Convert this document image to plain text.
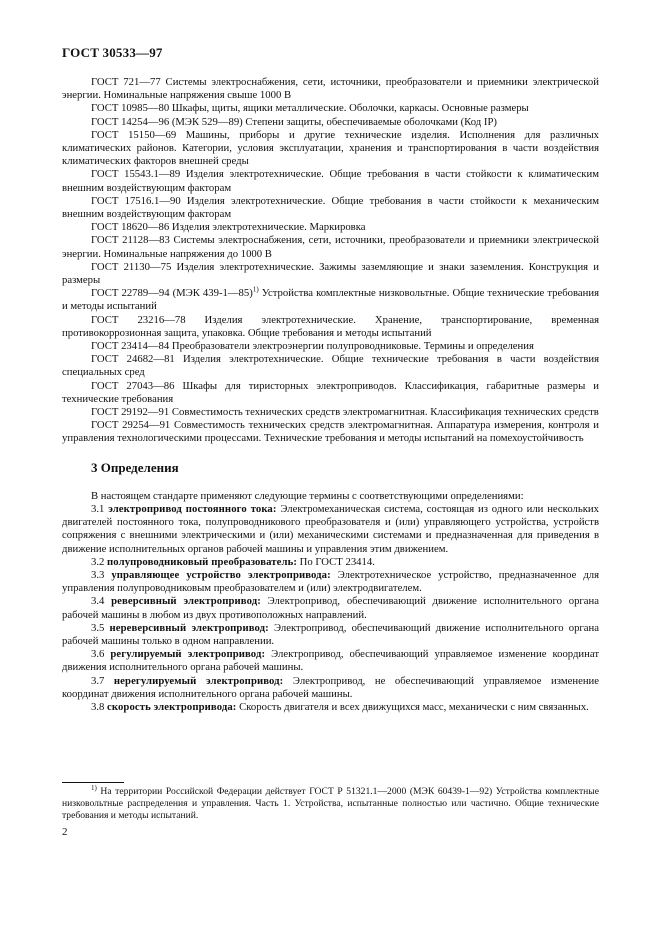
ГОСТ 30533—97

ГОСТ 721—77 Системы электроснабжения, сети, источники, преобразователи и приемники электрической энергии. Номинальные напряжения свыше 1000 В

ГОСТ 10985—80 Шкафы, щиты, ящики металлические. Оболочки, каркасы. Основные размеры

ГОСТ 14254—96 (МЭК 529—89) Степени защиты, обеспечиваемые оболочками (Код IP)

ГОСТ 15150—69 Машины, приборы и другие технические изделия. Исполнения для различных климатических районов. Категории, условия эксплуатации, хранения и транспортирования в части воздействия климатических факторов внешней среды

ГОСТ 15543.1—89 Изделия электротехнические. Общие требования в части стойкости к климатическим внешним воздействующим факторам

ГОСТ 17516.1—90 Изделия электротехнические. Общие требования в части стойкости к механическим внешним воздействующим факторам

ГОСТ 18620—86 Изделия электротехнические. Маркировка

ГОСТ 21128—83 Системы электроснабжения, сети, источники, преобразователи и приемники электрической энергии. Номинальные напряжения до 1000 В

ГОСТ 21130—75 Изделия электротехнические. Зажимы заземляющие и знаки заземления. Конструкция и размеры

ГОСТ 22789—94 (МЭК 439-1—85)$^{1)}$ Устройства комплектные низковольтные. Общие технические требования и методы испытаний

ГОСТ 23216—78 Изделия электротехнические. Хранение, транспортирование, временная противокоррозионная защита, упаковка. Общие требования и методы испытаний

ГОСТ 23414—84 Преобразователи электроэнергии полупроводниковые. Термины и определения

ГОСТ 24682—81 Изделия электротехнические. Общие технические требования в части воздействия специальных сред

ГОСТ 27043—86 Шкафы для тиристорных электроприводов. Классификация, габаритные размеры и технические требования

ГОСТ 29192—91 Совместимость технических средств электромагнитная. Классификация технических средств

ГОСТ 29254—91 Совместимость технических средств электромагнитная. Аппаратура измерения, контроля и управления технологическими процессами. Технические требования и методы испытаний на помехоустойчивость

3 Определения

В настоящем стандарте применяют следующие термины с соответствующими определениями:

3.1 электропривод постоянного тока: Электромеханическая система, состоящая из одного или нескольких двигателей постоянного тока, полупроводникового преобразователя и (или) управляющего устройства, устройств сопряжения с внешними электрическими и (или) механическими системами и предназначенная для приведения в движение исполнительных органов рабочей машины и управления этим движением.

3.2 полупроводниковый преобразователь: По ГОСТ 23414.

3.3 управляющее устройство электропривода: Электротехническое устройство, предназначенное для управления полупроводниковым преобразователем и (или) электродвигателем.

3.4 реверсивный электропривод: Электропривод, обеспечивающий движение исполнительного органа рабочей машины в любом из двух противоположных направлений.

3.5 нереверсивный электропривод: Электропривод, обеспечивающий движение исполнительного органа рабочей машины только в одном направлении.

3.6 регулируемый электропривод: Электропривод, обеспечивающий управляемое изменение координат движения исполнительного органа рабочей машины.

3.7 нерегулируемый электропривод: Электропривод, не обеспечивающий управляемое изменение координат движения исполнительного органа рабочей машины.

3.8 скорость электропривода: Скорость двигателя и всех движущихся масс, механически с ним связанных.

$^{1)}$ На территории Российской Федерации действует ГОСТ Р 51321.1—2000 (МЭК 60439-1—92) Устройства комплектные низковольтные распределения и управления. Часть 1. Устройства, испытанные полностью или частично. Общие технические требования и методы испытаний.

2
